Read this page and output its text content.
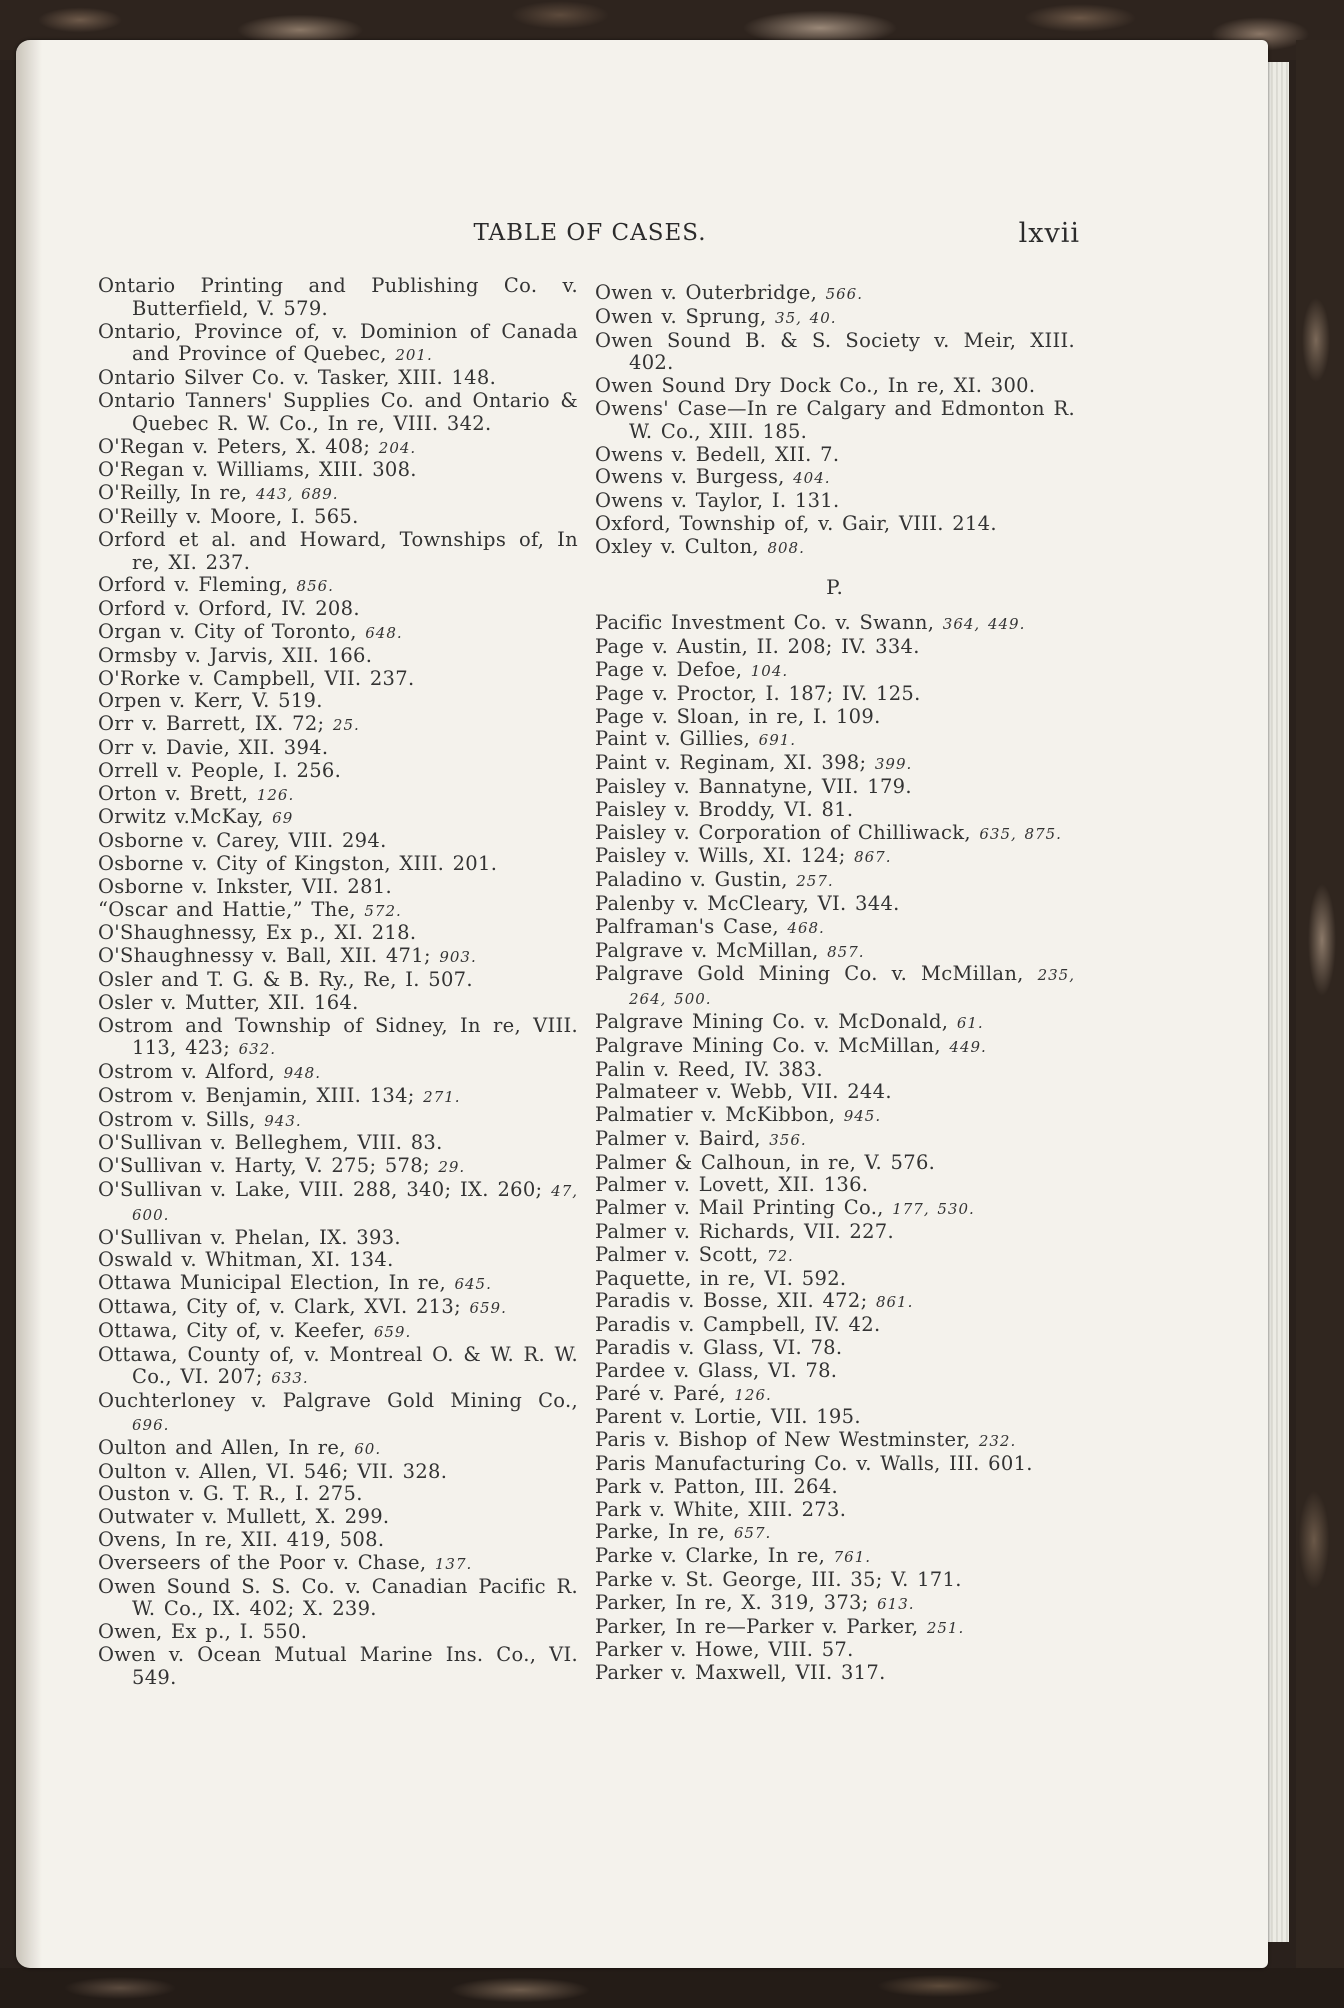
TABLE OF CASES.	lxvii
Ontario Printing and Publishing Co. v. Butterfield, V. 579.
Ontario, Province of, v. Dominion of Canada and Province of Quebec, 201.
Ontario Silver Co. v. Tasker, XIII. 148.
Ontario Tanners' Supplies Co. and Ontario & Quebec R. W. Co., In re, VIII. 342.
O'Regan v. Peters, X. 408; 204.
O'Regan v. Williams, XIII. 308.
O'Reilly, In re, 443, 689.
O'Reilly v. Moore, I. 565.
Orford et al. and Howard, Townships of, In re, XI. 237.
Orford v. Fleming, 856.
Orford v. Orford, IV. 208.
Organ v. City of Toronto, 648.
Ormsby v. Jarvis, XII. 166.
O'Rorke v. Campbell, VII. 237.
Orpen v. Kerr, V. 519.
Orr v. Barrett, IX. 72; 25.
Orr v. Davie, XII. 394.
Orrell v. People, I. 256.
Orton v. Brett, 126.
Orwitz v.McKay, 69
Osborne v. Carey, VIII. 294.
Osborne v. City of Kingston, XIII. 201.
Osborne v. Inkster, VII. 281.
“Oscar and Hattie,” The, 572.
O'Shaughnessy, Ex p., XI. 218.
O'Shaughnessy v. Ball, XII. 471; 903.
Osler and T. G. & B. Ry., Re, I. 507.
Osler v. Mutter, XII. 164.
Ostrom and Township of Sidney, In re, VIII. 113, 423; 632.
Ostrom v. Alford, 948.
Ostrom v. Benjamin, XIII. 134; 271.
Ostrom v. Sills, 943.
O'Sullivan v. Belleghem, VIII. 83.
O'Sullivan v. Harty, V. 275; 578; 29.
O'Sullivan v. Lake, VIII. 288, 340; IX. 260; 47, 600.
O'Sullivan v. Phelan, IX. 393.
Oswald v. Whitman, XI. 134.
Ottawa Municipal Election, In re, 645.
Ottawa, City of, v. Clark, XVI. 213; 659.
Ottawa, City of, v. Keefer, 659.
Ottawa, County of, v. Montreal O. & W. R. W. Co., VI. 207; 633.
Ouchterloney v. Palgrave Gold Mining Co., 696.
Oulton and Allen, In re, 60.
Oulton v. Allen, VI. 546; VII. 328.
Ouston v. G. T. R., I. 275.
Outwater v. Mullett, X. 299.
Ovens, In re, XII. 419, 508.
Overseers of the Poor v. Chase, 137.
Owen Sound S. S. Co. v. Canadian Pacific R. W. Co., IX. 402; X. 239.
Owen, Ex p., I. 550.
Owen v. Ocean Mutual Marine Ins. Co., VI. 549.
Owen v. Outerbridge, 566.
Owen v. Sprung, 35, 40.
Owen Sound B. & S. Society v. Meir, XIII. 402.
Owen Sound Dry Dock Co., In re, XI. 300.
Owens' Case—In re Calgary and Edmonton R. W. Co., XIII. 185.
Owens v. Bedell, XII. 7.
Owens v. Burgess, 404.
Owens v. Taylor, I. 131.
Oxford, Township of, v. Gair, VIII. 214.
Oxley v. Culton, 808.
P.
Pacific Investment Co. v. Swann, 364, 449.
Page v. Austin, II. 208; IV. 334.
Page v. Defoe, 104.
Page v. Proctor, I. 187; IV. 125.
Page v. Sloan, in re, I. 109.
Paint v. Gillies, 691.
Paint v. Reginam, XI. 398; 399.
Paisley v. Bannatyne, VII. 179.
Paisley v. Broddy, VI. 81.
Paisley v. Corporation of Chilliwack, 635, 875.
Paisley v. Wills, XI. 124; 867.
Paladino v. Gustin, 257.
Palenby v. McCleary, VI. 344.
Palframan's Case, 468.
Palgrave v. McMillan, 857.
Palgrave Gold Mining Co. v. McMillan, 235, 264, 500.
Palgrave Mining Co. v. McDonald, 61.
Palgrave Mining Co. v. McMillan, 449.
Palin v. Reed, IV. 383.
Palmateer v. Webb, VII. 244.
Palmatier v. McKibbon, 945.
Palmer v. Baird, 356.
Palmer & Calhoun, in re, V. 576.
Palmer v. Lovett, XII. 136.
Palmer v. Mail Printing Co., 177, 530.
Palmer v. Richards, VII. 227.
Palmer v. Scott, 72.
Paquette, in re, VI. 592.
Paradis v. Bosse, XII. 472; 861.
Paradis v. Campbell, IV. 42.
Paradis v. Glass, VI. 78.
Pardee v. Glass, VI. 78.
Paré v. Paré, 126.
Parent v. Lortie, VII. 195.
Paris v. Bishop of New Westminster, 232.
Paris Manufacturing Co. v. Walls, III. 601.
Park v. Patton, III. 264.
Park v. White, XIII. 273.
Parke, In re, 657.
Parke v. Clarke, In re, 761.
Parke v. St. George, III. 35; V. 171.
Parker, In re, X. 319, 373; 613.
Parker, In re—Parker v. Parker, 251.
Parker v. Howe, VIII. 57.
Parker v. Maxwell, VII. 317.
